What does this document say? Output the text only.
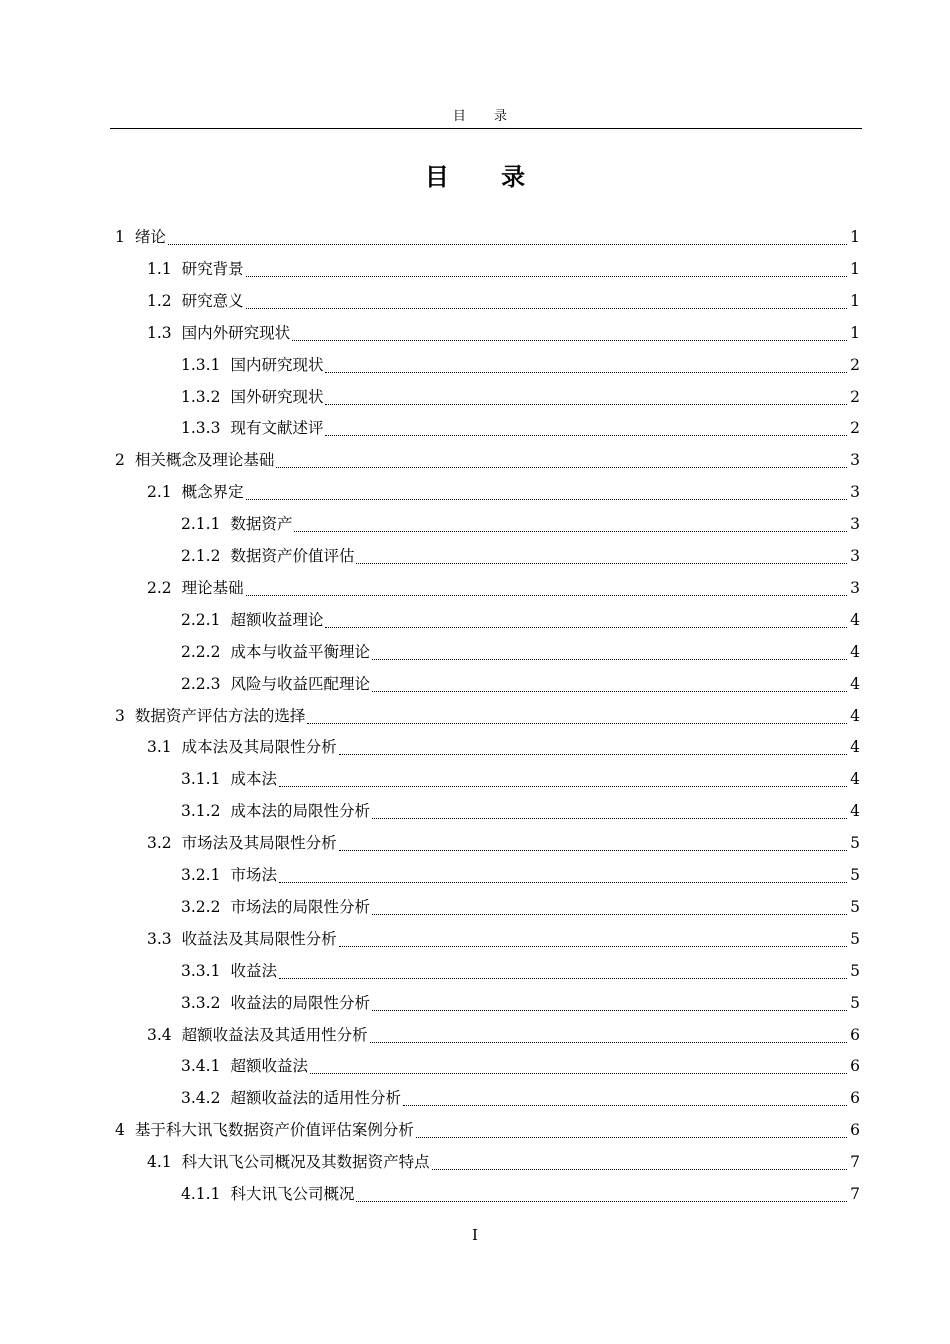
目 录
目 录
1 绪论	1
1.1 研究背景	1
1.2 研究意义	1
1.3 国内外研究现状	1
1.3.1 国内研究现状	2
1.3.2 国外研究现状	2
1.3.3 现有文献述评	2
2 相关概念及理论基础	3
2.1 概念界定	3
2.1.1 数据资产	3
2.1.2 数据资产价值评估	3
2.2 理论基础	3
2.2.1 超额收益理论	4
2.2.2 成本与收益平衡理论	4
2.2.3 风险与收益匹配理论	4
3 数据资产评估方法的选择	4
3.1 成本法及其局限性分析	4
3.1.1 成本法	4
3.1.2 成本法的局限性分析	4
3.2 市场法及其局限性分析	5
3.2.1 市场法	5
3.2.2 市场法的局限性分析	5
3.3 收益法及其局限性分析	5
3.3.1 收益法	5
3.3.2 收益法的局限性分析	5
3.4 超额收益法及其适用性分析	6
3.4.1 超额收益法	6
3.4.2 超额收益法的适用性分析	6
4 基于科大讯飞数据资产价值评估案例分析	6
4.1 科大讯飞公司概况及其数据资产特点	7
4.1.1 科大讯飞公司概况	7
I
